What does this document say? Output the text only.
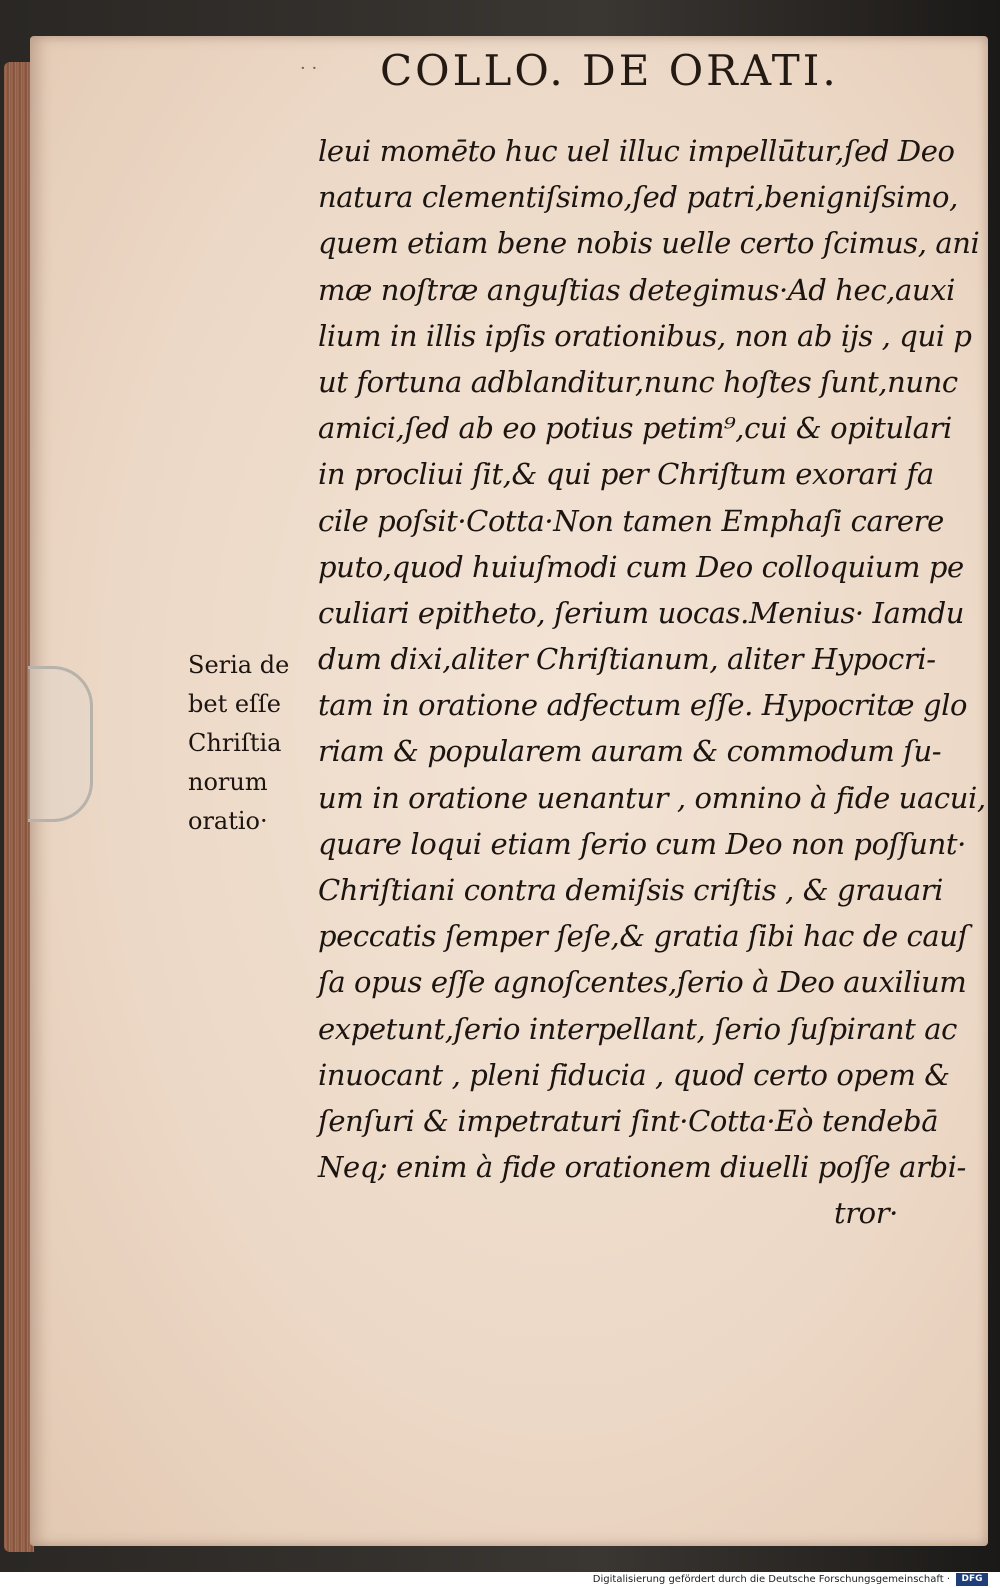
· ·	COLLO. DE ORATI.
leui momēto huc uel illuc impellūtur,ſed Deo
natura clementiſsimo,ſed patri,benigniſsimo,
quem etiam bene nobis uelle certo ſcimus, ani
mæ noſtræ anguſtias detegimus·Ad hec,auxi
lium in illis ipſis orationibus, non ab ijs , qui p
ut fortuna adblanditur,nunc hoſtes ſunt,nunc
amici,ſed ab eo potius petim⁹,cui & opitulari
in procliui ſit,& qui per Chriſtum exorari fa
cile poſsit·Cotta·Non tamen Emphaſi carere
puto,quod huiuſmodi cum Deo colloquium pe
culiari epitheto, ſerium uocas.Menius· Iamdu
dum dixi,aliter Chriſtianum, aliter Hypocri-
tam in oratione adfectum eſſe. Hypocritæ glo
riam & popularem auram & commodum ſu-
um in oratione uenantur , omnino à fide uacui,
quare loqui etiam ſerio cum Deo non poſſunt·
Chriſtiani contra demiſsis criſtis , & grauari
peccatis ſemper ſeſe,& gratia ſibi hac de cauſ
ſa opus eſſe agnoſcentes,ſerio à Deo auxilium
expetunt,ſerio interpellant, ſerio ſuſpirant ac
inuocant , pleni fiducia , quod certo opem &
ſenſuri & impetraturi ſint·Cotta·Eò tendebā
Neq; enim à fide orationem diuelli poſſe arbi-
tror·
Seria de
bet eſſe
Chriſtia
norum
oratio·
Digitalisierung gefördert durch die Deutsche Forschungsgemeinschaft ·	DFG
